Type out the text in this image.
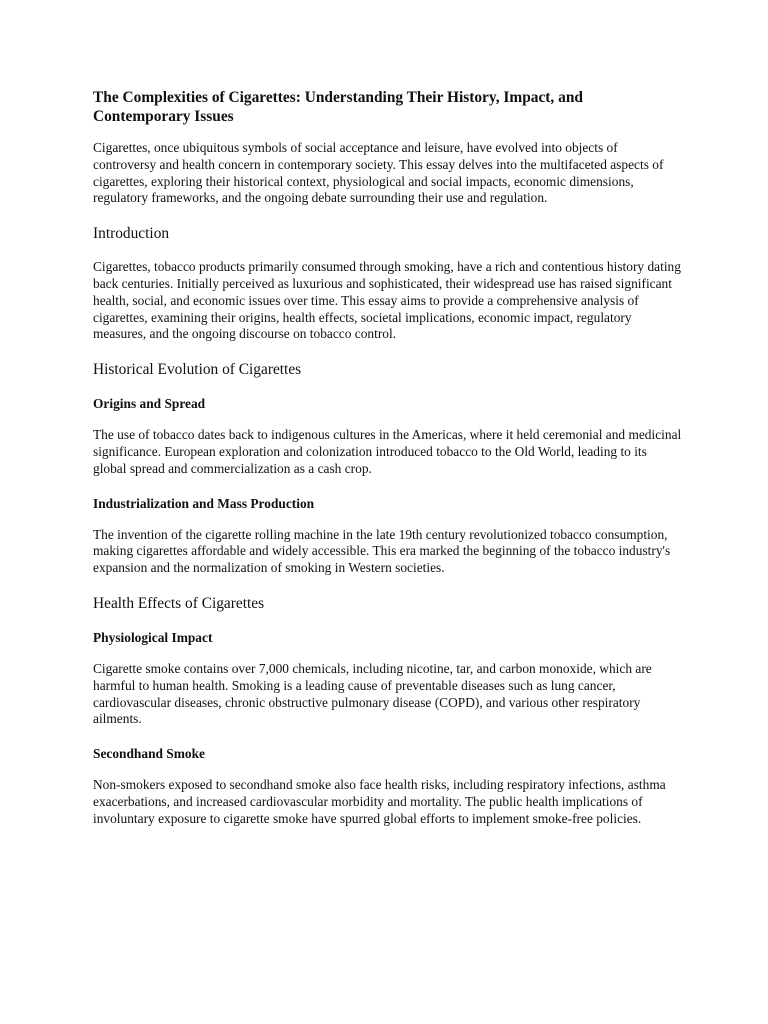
The Complexities of Cigarettes: Understanding Their History, Impact, and Contemporary Issues

Cigarettes, once ubiquitous symbols of social acceptance and leisure, have evolved into objects of controversy and health concern in contemporary society. This essay delves into the multifaceted aspects of cigarettes, exploring their historical context, physiological and social impacts, economic dimensions, regulatory frameworks, and the ongoing debate surrounding their use and regulation.

Introduction

Cigarettes, tobacco products primarily consumed through smoking, have a rich and contentious history dating back centuries. Initially perceived as luxurious and sophisticated, their widespread use has raised significant health, social, and economic issues over time. This essay aims to provide a comprehensive analysis of cigarettes, examining their origins, health effects, societal implications, economic impact, regulatory measures, and the ongoing discourse on tobacco control.

Historical Evolution of Cigarettes
Origins and Spread

The use of tobacco dates back to indigenous cultures in the Americas, where it held ceremonial and medicinal significance. European exploration and colonization introduced tobacco to the Old World, leading to its global spread and commercialization as a cash crop.

Industrialization and Mass Production

The invention of the cigarette rolling machine in the late 19th century revolutionized tobacco consumption, making cigarettes affordable and widely accessible. This era marked the beginning of the tobacco industry's expansion and the normalization of smoking in Western societies.

Health Effects of Cigarettes
Physiological Impact

Cigarette smoke contains over 7,000 chemicals, including nicotine, tar, and carbon monoxide, which are harmful to human health. Smoking is a leading cause of preventable diseases such as lung cancer, cardiovascular diseases, chronic obstructive pulmonary disease (COPD), and various other respiratory ailments.

Secondhand Smoke

Non-smokers exposed to secondhand smoke also face health risks, including respiratory infections, asthma exacerbations, and increased cardiovascular morbidity and mortality. The public health implications of involuntary exposure to cigarette smoke have spurred global efforts to implement smoke-free policies.
